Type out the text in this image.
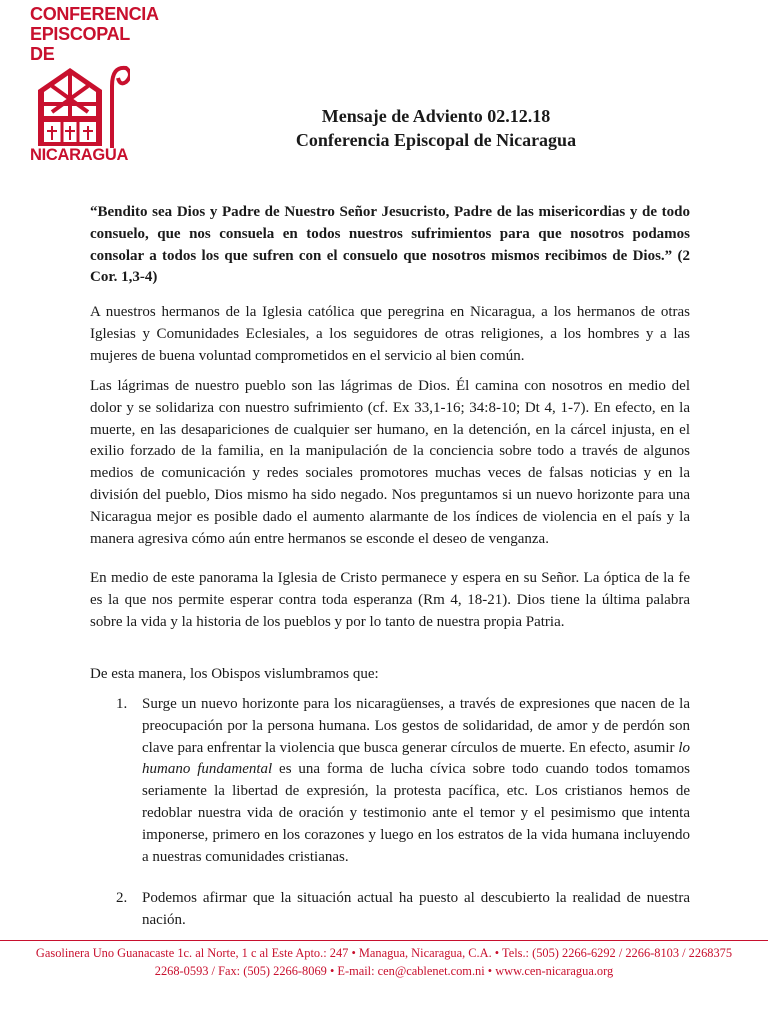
CONFERENCIA
EPISCOPAL
DE
NICARAGUA
Mensaje de Adviento 02.12.18
Conferencia Episcopal de Nicaragua

“Bendito sea Dios y Padre de Nuestro Señor Jesucristo, Padre de las misericordias y de todo consuelo, que nos consuela en todos nuestros sufrimientos para que nosotros podamos consolar a todos los que sufren con el consuelo que nosotros mismos recibimos de Dios.” (2 Cor. 1,3-4)

A nuestros hermanos de la Iglesia católica que peregrina en Nicaragua, a los hermanos de otras Iglesias y Comunidades Eclesiales, a los seguidores de otras religiones, a los hombres y a las mujeres de buena voluntad comprometidos en el servicio al bien común.

Las lágrimas de nuestro pueblo son las lágrimas de Dios. Él camina con nosotros en medio del dolor y se solidariza con nuestro sufrimiento (cf. Ex 33,1-16; 34:8-10; Dt 4, 1-7). En efecto, en la muerte, en las desapariciones de cualquier ser humano, en la detención, en la cárcel injusta, en el exilio forzado de la familia, en la manipulación de la conciencia sobre todo a través de algunos medios de comunicación y redes sociales promotores muchas veces de falsas noticias y en la división del pueblo, Dios mismo ha sido negado. Nos preguntamos si un nuevo horizonte para una Nicaragua mejor es posible dado el aumento alarmante de los índices de violencia en el país y la manera agresiva cómo aún entre hermanos se esconde el deseo de venganza.

En medio de este panorama la Iglesia de Cristo permanece y espera en su Señor. La óptica de la fe es la que nos permite esperar contra toda esperanza (Rm 4, 18-21). Dios tiene la última palabra sobre la vida y la historia de los pueblos y por lo tanto de nuestra propia Patria.

De esta manera, los Obispos vislumbramos que:

1. Surge un nuevo horizonte para los nicaragüenses, a través de expresiones que nacen de la preocupación por la persona humana. Los gestos de solidaridad, de amor y de perdón son clave para enfrentar la violencia que busca generar círculos de muerte. En efecto, asumir lo humano fundamental es una forma de lucha cívica sobre todo cuando todos tomamos seriamente la libertad de expresión, la protesta pacífica, etc. Los cristianos hemos de redoblar nuestra vida de oración y testimonio ante el temor y el pesimismo que intenta imponerse, primero en los corazones y luego en los estratos de la vida humana incluyendo a nuestras comunidades cristianas.
2. Podemos afirmar que la situación actual ha puesto al descubierto la realidad de nuestra nación.
Gasolinera Uno Guanacaste 1c. al Norte, 1 c al Este Apto.: 247 • Managua, Nicaragua, C.A. • Tels.: (505) 2266-6292 / 2266-8103 / 2268375
2268-0593 / Fax: (505) 2266-8069 • E-mail: cen@cablenet.com.ni • www.cen-nicaragua.org
